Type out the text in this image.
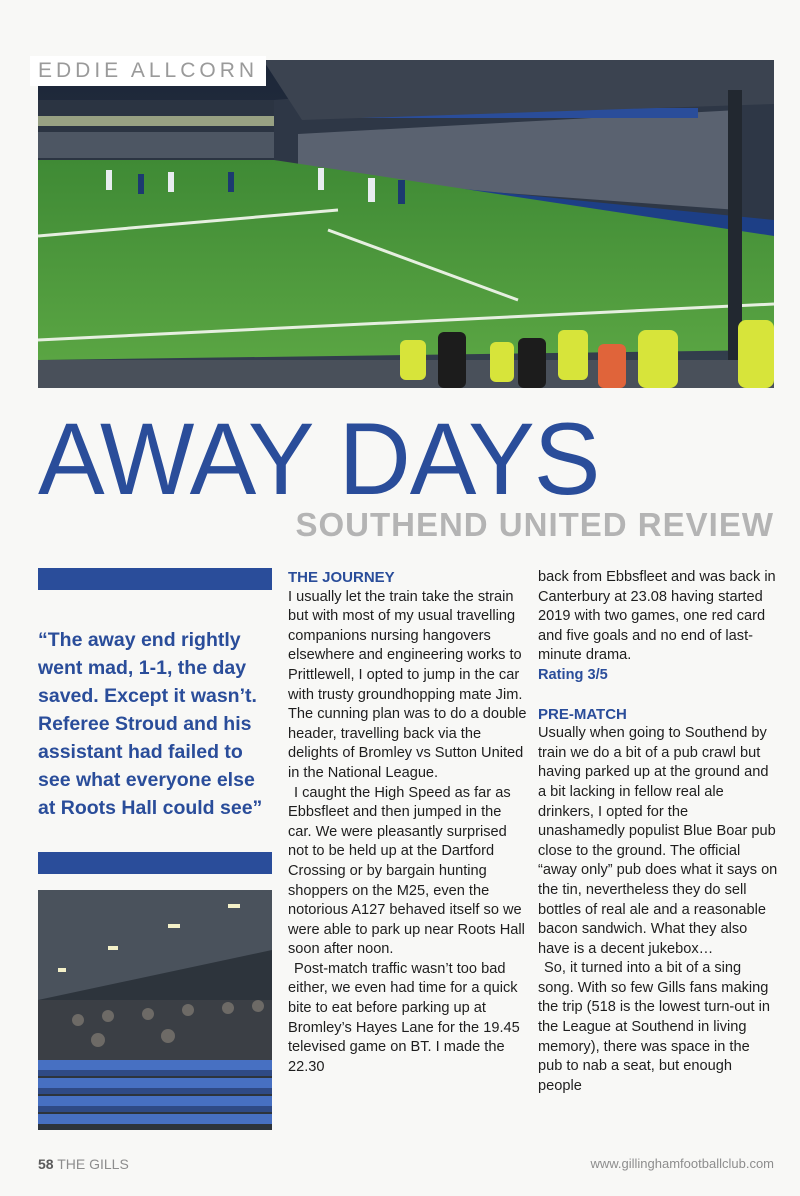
EDDIE ALLCORN
AWAY DAYS
SOUTHEND UNITED REVIEW
“The away end rightly went mad, 1-1, the day saved. Except it wasn’t. Referee Stroud and his assistant had failed to see what everyone else at Roots Hall could see”
THE JOURNEY

I usually let the train take the strain but with most of my usual travelling companions nursing hangovers elsewhere and engineering works to Prittlewell, I opted to jump in the car with trusty groundhopping mate Jim. The cunning plan was to do a double header, travelling back via the delights of Bromley vs Sutton United in the National League.

I caught the High Speed as far as Ebbsfleet and then jumped in the car. We were pleasantly surprised not to be held up at the Dartford Crossing or by bargain hunting shoppers on the M25, even the notorious A127 behaved itself so we were able to park up near Roots Hall soon after noon.

Post-match traffic wasn’t too bad either, we even had time for a quick bite to eat before parking up at Bromley’s Hayes Lane for the 19.45 televised game on BT. I made the 22.30

back from Ebbsfleet and was back in Canterbury at 23.08 having started 2019 with two games, one red card and five goals and no end of last-minute drama.

Rating 3/5
PRE-MATCH

Usually when going to Southend by train we do a bit of a pub crawl but having parked up at the ground and a bit lacking in fellow real ale drinkers, I opted for the unashamedly populist Blue Boar pub close to the ground. The official “away only” pub does what it says on the tin, nevertheless they do sell bottles of real ale and a reasonable bacon sandwich. What they also have is a decent jukebox…

So, it turned into a bit of a sing song. With so few Gills fans making the trip (518 is the lowest turn-out in the League at Southend in living memory), there was space in the pub to nab a seat, but enough people

58 THE GILLS	www.gillinghamfootballclub.com
